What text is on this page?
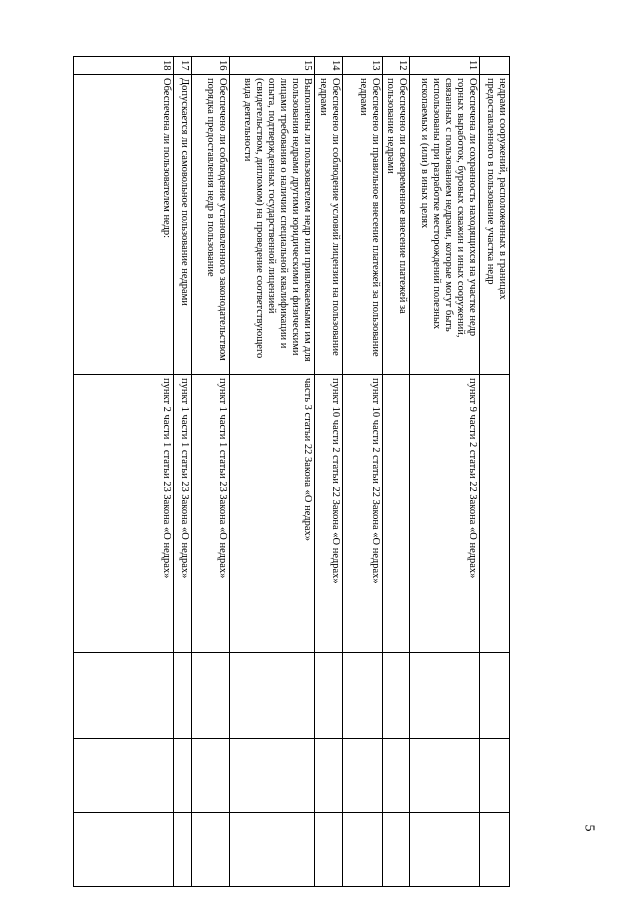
5
	недрами сооружений, расположенных в границах предоставленного в пользование участка недр				
11	Обеспечена ли сохранность находящихся на участке недр горных выработок, буровых скважин и иных сооружений, связанных с пользованием недрами, которые могут быть использованы при разработке месторождений полезных ископаемых и (или) в иных целях	пункт 9 части 2 статьи 22 Закона «О недрах»			
12	Обеспечено ли своевременное внесение платежей за пользование недрами				
13	Обеспечено ли правильное внесение платежей за пользование недрами	пункт 10 части 2 статьи 22 Закона «О недрах»			
14	Обеспечено ли соблюдение условий лицензии на пользование недрами	пункт 10 части 2 статьи 22 Закона «О недрах»			
15	Выполнены ли пользователем недр или привлекаемыми им для пользования недрами другими юридическими и физическими лицами требования о наличии специальной квалификации и опыта, подтвержденных государственной лицензией (свидетельством, дипломом) на проведение соответствующего вида деятельности	часть 3 статьи 22 Закона «О недрах»			
16	Обеспечено ли соблюдение установленного законодательством порядка предоставления недр в пользование	пункт 1 части 1 статьи 23 Закона «О недрах»			
17	Допускается ли самовольное пользование недрами	пункт 1 части 1 статьи 23 Закона «О недрах»			
18	Обеспечена ли пользователем недр:	пункт 2 части 1 статьи 23 Закона «О недрах»			
